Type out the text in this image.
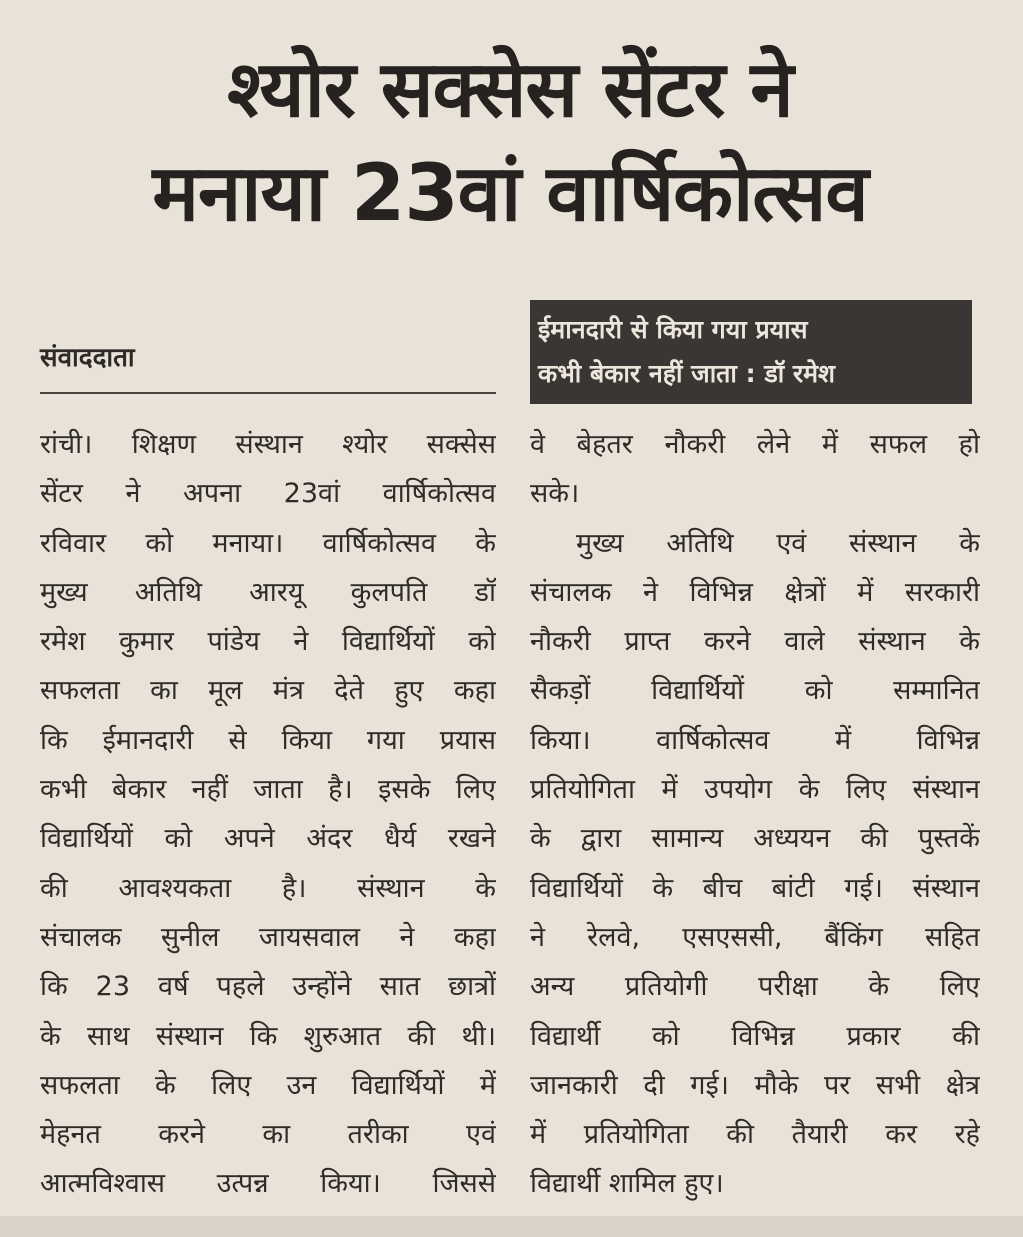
श्योर सक्सेस सेंटर ने
मनाया 23वां वार्षिकोत्सव
संवाददाता
ईमानदारी से किया गया प्रयास
कभी बेकार नहीं जाता : डॉ रमेश
रांची। शिक्षण संस्थान श्योर सक्सेस
सेंटर ने अपना 23वां वार्षिकोत्सव
रविवार को मनाया। वार्षिकोत्सव के
मुख्य अतिथि आरयू कुलपति डॉ
रमेश कुमार पांडेय ने विद्यार्थियों को
सफलता का मूल मंत्र देते हुए कहा
कि ईमानदारी से किया गया प्रयास
कभी बेकार नहीं जाता है। इसके लिए
विद्यार्थियों को अपने अंदर धैर्य रखने
की आवश्यकता है। संस्थान के
संचालक सुनील जायसवाल ने कहा
कि 23 वर्ष पहले उन्होंने सात छात्रों
के साथ संस्थान कि शुरुआत की थी।
सफलता के लिए उन विद्यार्थियों में
मेहनत करने का तरीका एवं
आत्मविश्वास उत्पन्न किया। जिससे
वे बेहतर नौकरी लेने में सफल हो
सके।
मुख्य अतिथि एवं संस्थान के
संचालक ने विभिन्न क्षेत्रों में सरकारी
नौकरी प्राप्त करने वाले संस्थान के
सैकड़ों विद्यार्थियों को सम्मानित
किया। वार्षिकोत्सव में विभिन्न
प्रतियोगिता में उपयोग के लिए संस्थान
के द्वारा सामान्य अध्ययन की पुस्तकें
विद्यार्थियों के बीच बांटी गई। संस्थान
ने रेलवे, एसएससी, बैंकिंग सहित
अन्य प्रतियोगी परीक्षा के लिए
विद्यार्थी को विभिन्न प्रकार की
जानकारी दी गई। मौके पर सभी क्षेत्र
में प्रतियोगिता की तैयारी कर रहे
विद्यार्थी शामिल हुए।
